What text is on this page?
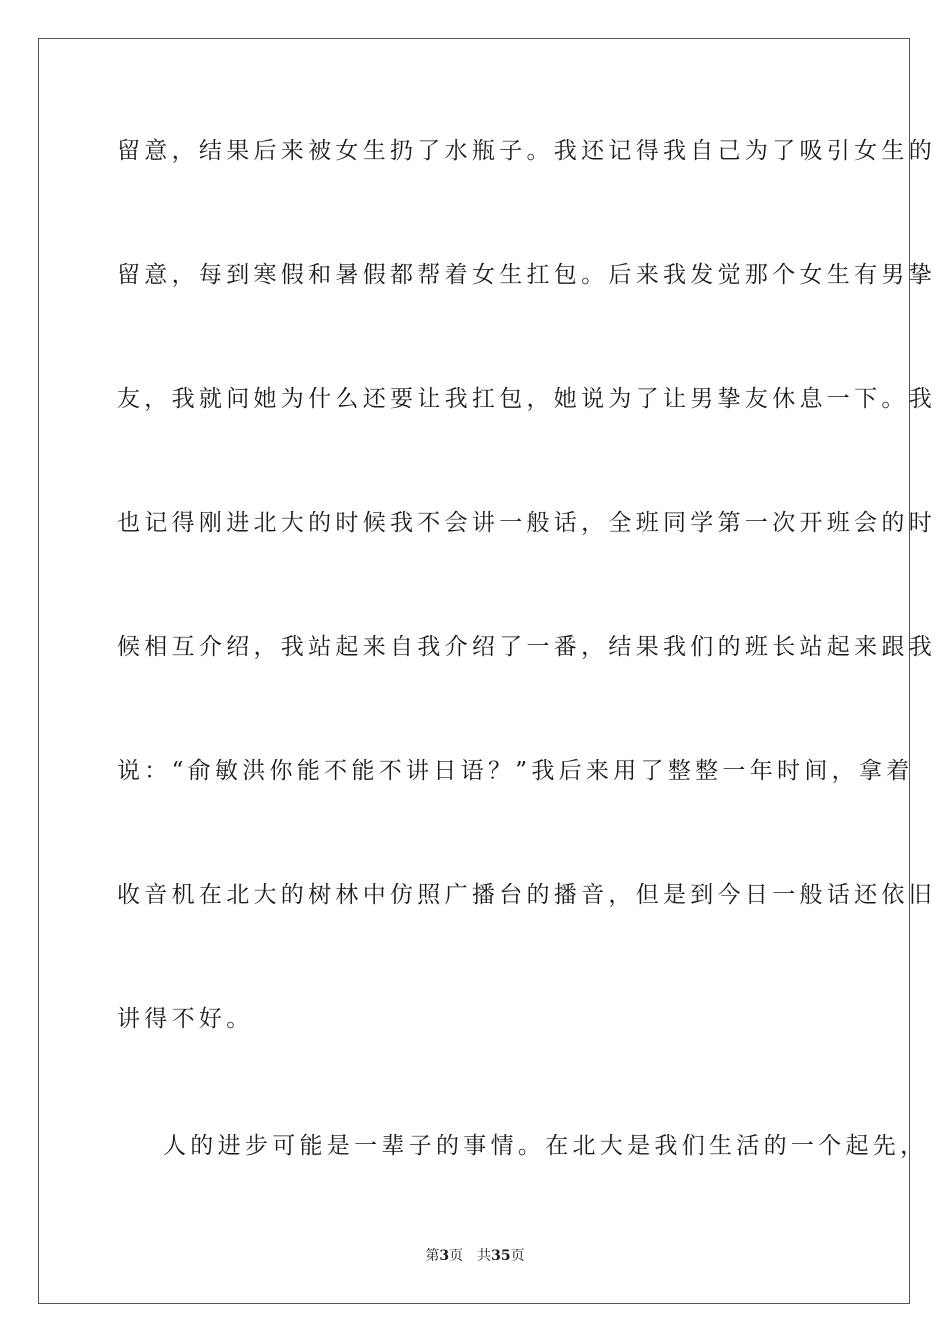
留意，结果后来被女生扔了水瓶子。我还记得我自己为了吸引女生的
留意，每到寒假和暑假都帮着女生扛包。后来我发觉那个女生有男挚
友，我就问她为什么还要让我扛包，她说为了让男挚友休息一下。我
也记得刚进北大的时候我不会讲一般话，全班同学第一次开班会的时
候相互介绍，我站起来自我介绍了一番，结果我们的班长站起来跟我
说：“俞敏洪你能不能不讲日语？”我后来用了整整一年时间，拿着
收音机在北大的树林中仿照广播台的播音，但是到今日一般话还依旧
讲得不好。
人的进步可能是一辈子的事情。在北大是我们生活的一个起先，
第3页 共35页
